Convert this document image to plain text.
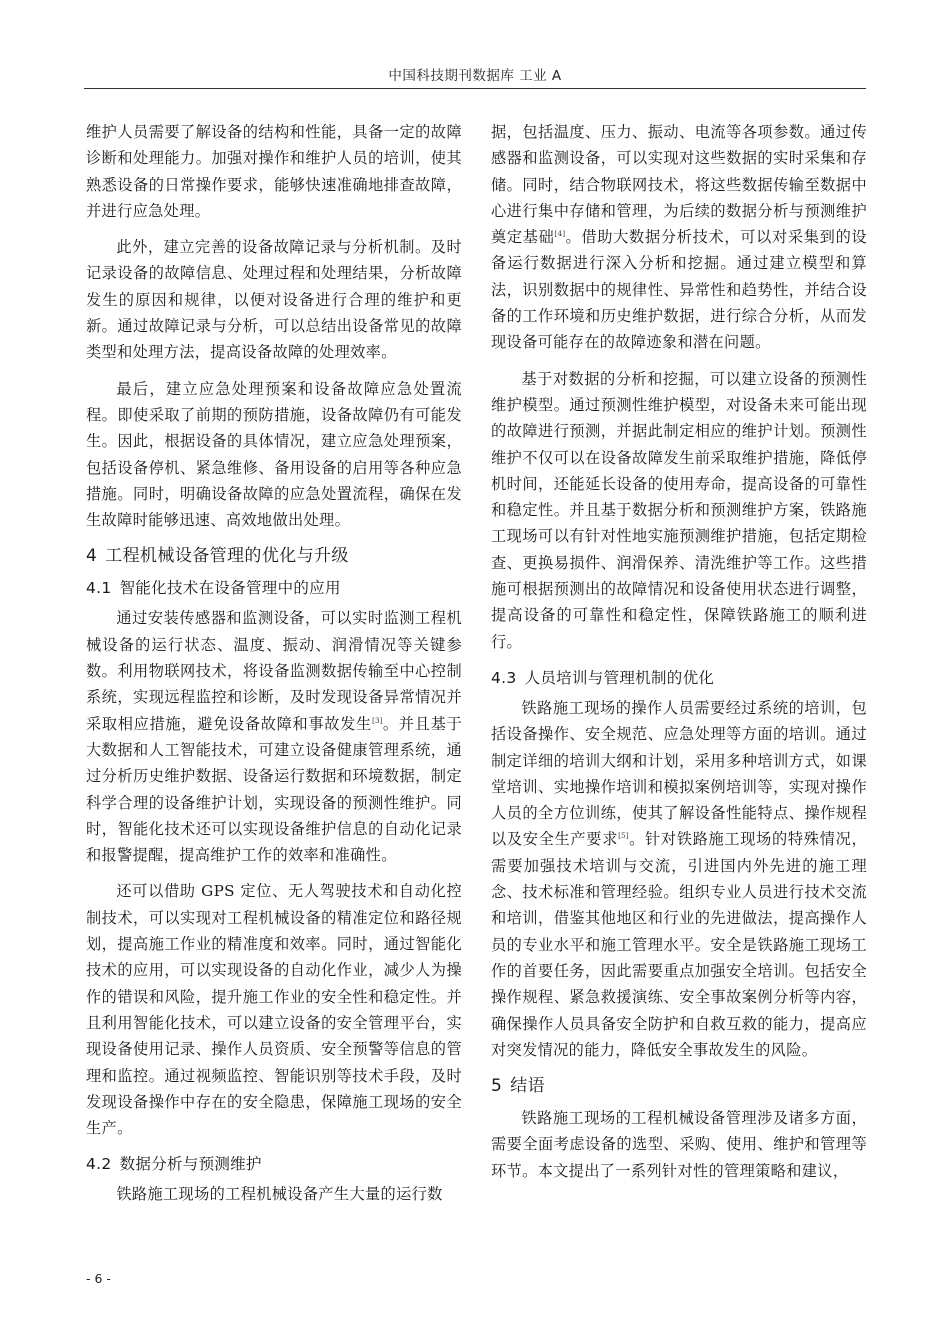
中国科技期刊数据库 工业 A

维护人员需要了解设备的结构和性能，具备一定的故障诊断和处理能力。加强对操作和维护人员的培训，使其熟悉设备的日常操作要求，能够快速准确地排查故障，并进行应急处理。

此外，建立完善的设备故障记录与分析机制。及时记录设备的故障信息、处理过程和处理结果，分析故障发生的原因和规律，以便对设备进行合理的维护和更新。通过故障记录与分析，可以总结出设备常见的故障类型和处理方法，提高设备故障的处理效率。

最后，建立应急处理预案和设备故障应急处置流程。即使采取了前期的预防措施，设备故障仍有可能发生。因此，根据设备的具体情况，建立应急处理预案，包括设备停机、紧急维修、备用设备的启用等各种应急措施。同时，明确设备故障的应急处置流程，确保在发生故障时能够迅速、高效地做出处理。

4 工程机械设备管理的优化与升级
4.1 智能化技术在设备管理中的应用

通过安装传感器和监测设备，可以实时监测工程机械设备的运行状态、温度、振动、润滑情况等关键参数。利用物联网技术，将设备监测数据传输至中心控制系统，实现远程监控和诊断，及时发现设备异常情况并采取相应措施，避免设备故障和事故发生[3]。并且基于大数据和人工智能技术，可建立设备健康管理系统，通过分析历史维护数据、设备运行数据和环境数据，制定科学合理的设备维护计划，实现设备的预测性维护。同时，智能化技术还可以实现设备维护信息的自动化记录和报警提醒，提高维护工作的效率和准确性。

还可以借助 GPS 定位、无人驾驶技术和自动化控制技术，可以实现对工程机械设备的精准定位和路径规划，提高施工作业的精准度和效率。同时，通过智能化技术的应用，可以实现设备的自动化作业，减少人为操作的错误和风险，提升施工作业的安全性和稳定性。并且利用智能化技术，可以建立设备的安全管理平台，实现设备使用记录、操作人员资质、安全预警等信息的管理和监控。通过视频监控、智能识别等技术手段，及时发现设备操作中存在的安全隐患，保障施工现场的安全生产。

4.2 数据分析与预测维护

铁路施工现场的工程机械设备产生大量的运行数

据，包括温度、压力、振动、电流等各项参数。通过传感器和监测设备，可以实现对这些数据的实时采集和存储。同时，结合物联网技术，将这些数据传输至数据中心进行集中存储和管理，为后续的数据分析与预测维护奠定基础[4]。借助大数据分析技术，可以对采集到的设备运行数据进行深入分析和挖掘。通过建立模型和算法，识别数据中的规律性、异常性和趋势性，并结合设备的工作环境和历史维护数据，进行综合分析，从而发现设备可能存在的故障迹象和潜在问题。

基于对数据的分析和挖掘，可以建立设备的预测性维护模型。通过预测性维护模型，对设备未来可能出现的故障进行预测，并据此制定相应的维护计划。预测性维护不仅可以在设备故障发生前采取维护措施，降低停机时间，还能延长设备的使用寿命，提高设备的可靠性和稳定性。并且基于数据分析和预测维护方案，铁路施工现场可以有针对性地实施预测维护措施，包括定期检查、更换易损件、润滑保养、清洗维护等工作。这些措施可根据预测出的故障情况和设备使用状态进行调整，提高设备的可靠性和稳定性，保障铁路施工的顺利进行。

4.3 人员培训与管理机制的优化

铁路施工现场的操作人员需要经过系统的培训，包括设备操作、安全规范、应急处理等方面的培训。通过制定详细的培训大纲和计划，采用多种培训方式，如课堂培训、实地操作培训和模拟案例培训等，实现对操作人员的全方位训练，使其了解设备性能特点、操作规程以及安全生产要求[5]。针对铁路施工现场的特殊情况，需要加强技术培训与交流，引进国内外先进的施工理念、技术标准和管理经验。组织专业人员进行技术交流和培训，借鉴其他地区和行业的先进做法，提高操作人员的专业水平和施工管理水平。安全是铁路施工现场工作的首要任务，因此需要重点加强安全培训。包括安全操作规程、紧急救援演练、安全事故案例分析等内容，确保操作人员具备安全防护和自救互救的能力，提高应对突发情况的能力，降低安全事故发生的风险。

5 结语

铁路施工现场的工程机械设备管理涉及诸多方面，需要全面考虑设备的选型、采购、使用、维护和管理等环节。本文提出了一系列针对性的管理策略和建议，

- 6 -
